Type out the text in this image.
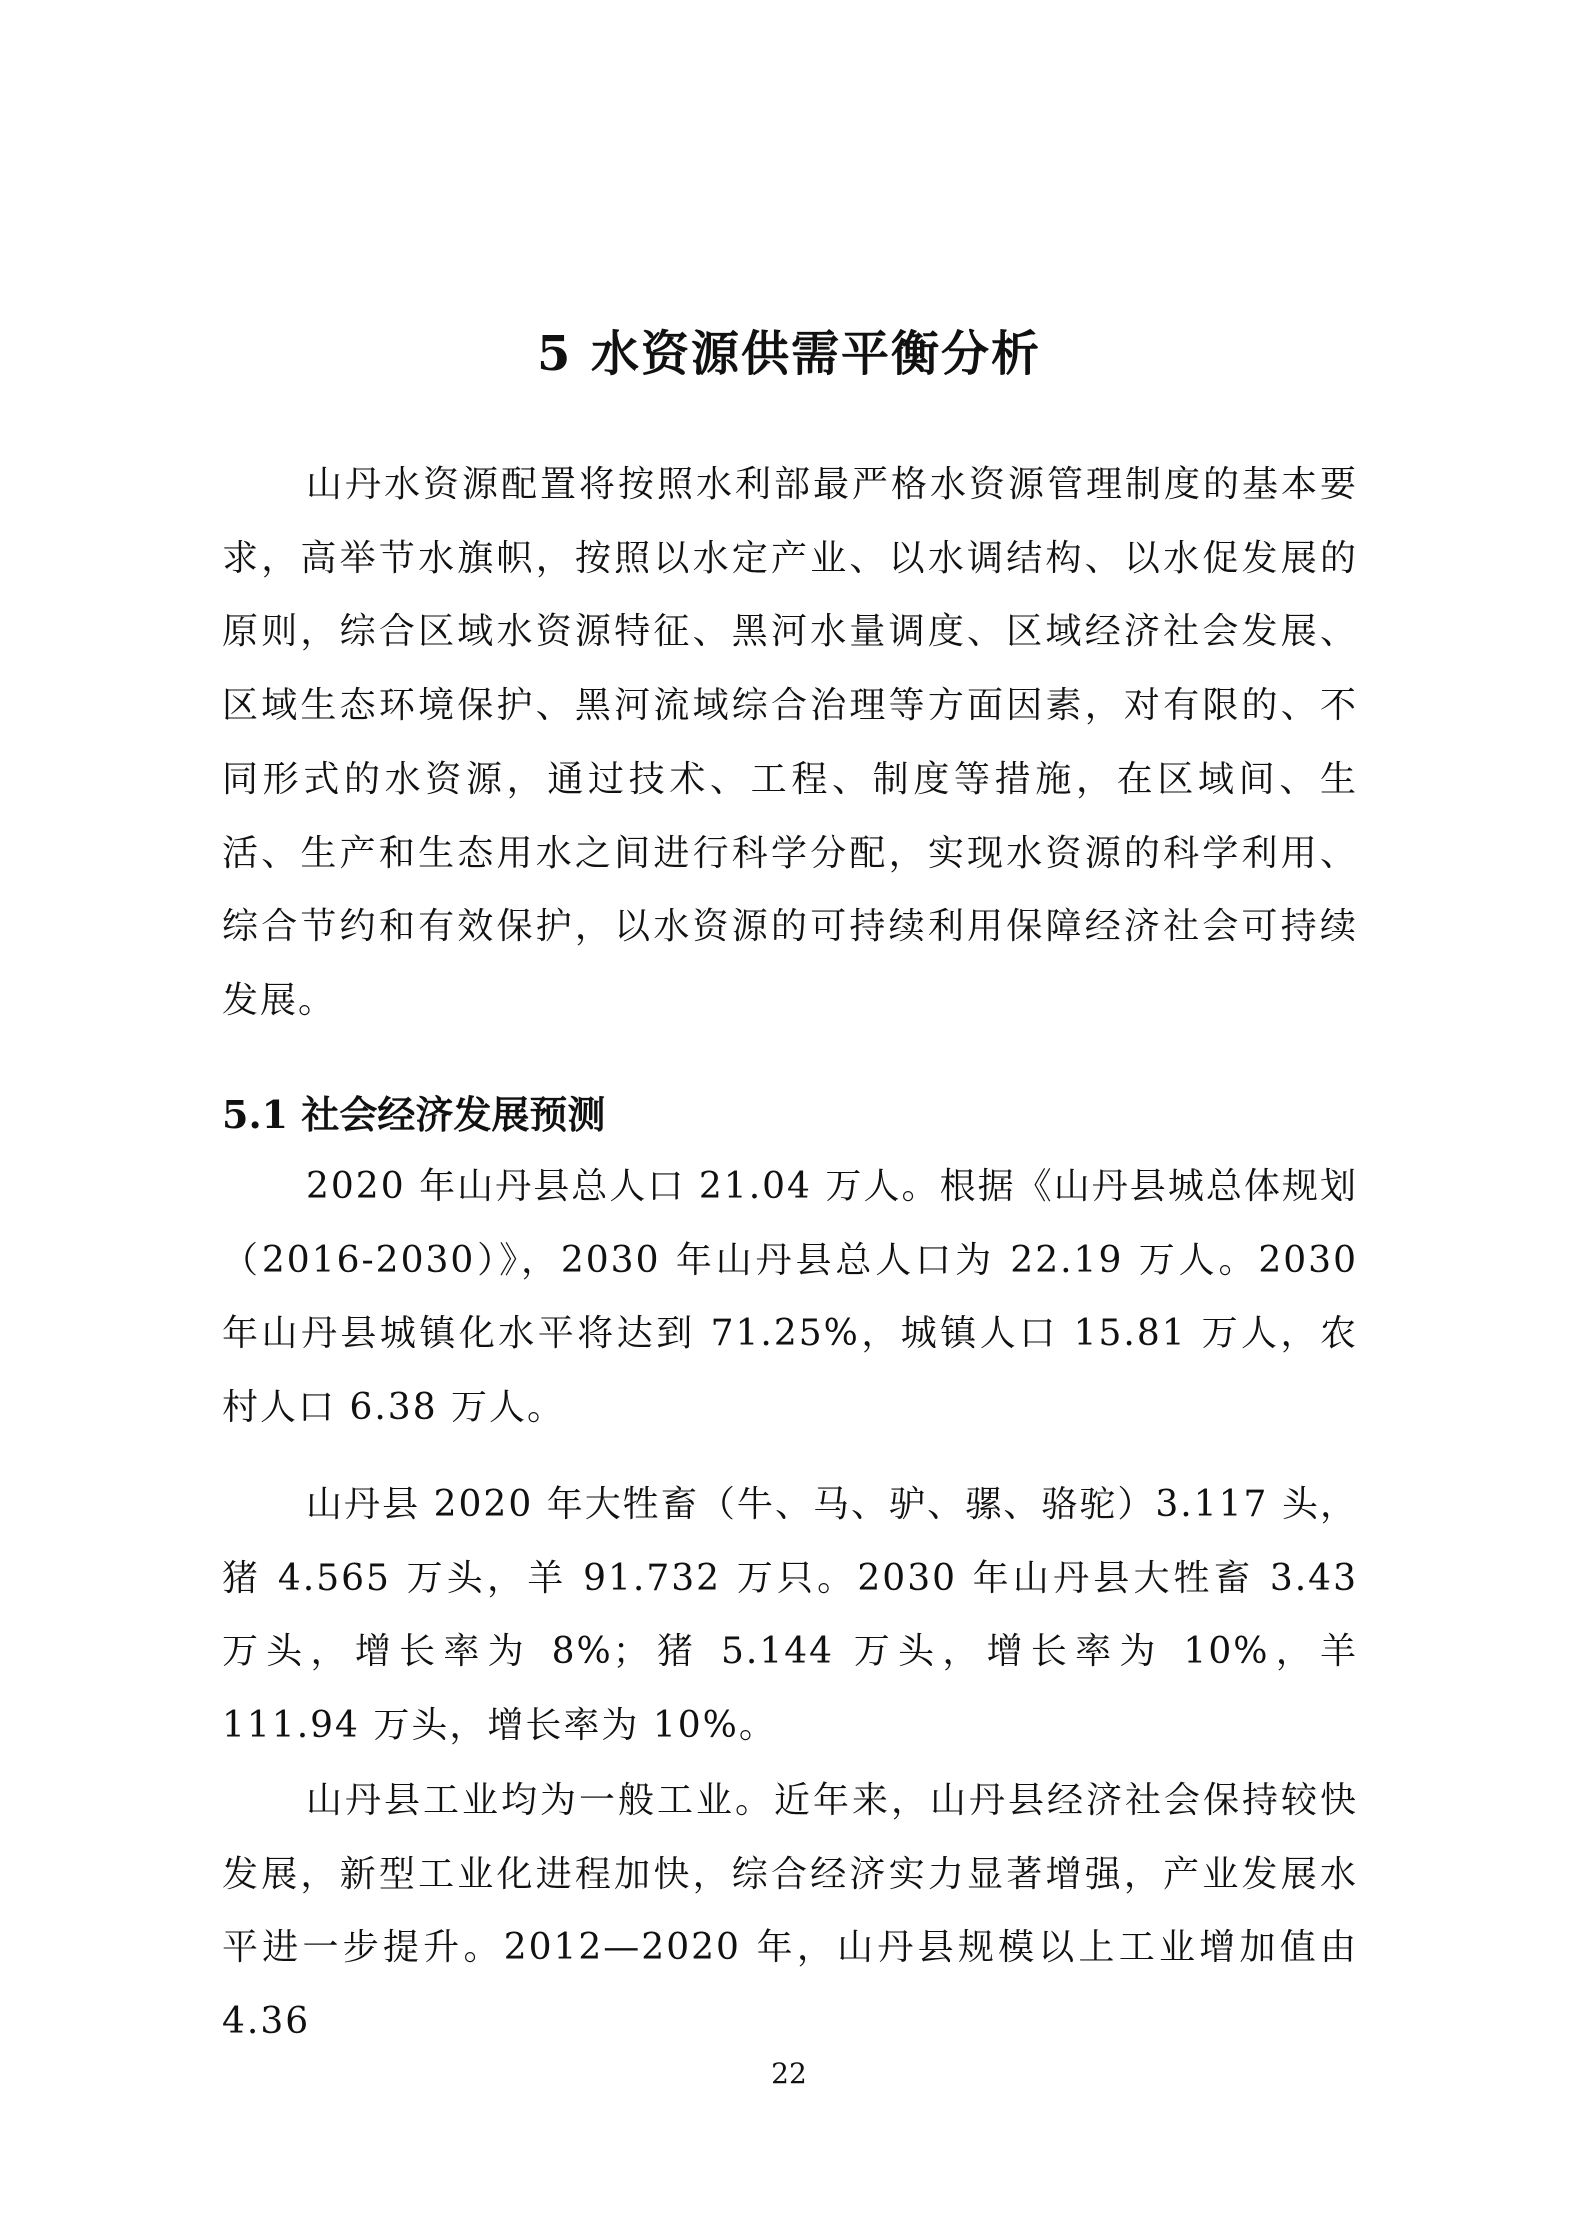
5 水资源供需平衡分析

山丹水资源配置将按照水利部最严格水资源管理制度的基本要求，高举节水旗帜，按照以水定产业、以水调结构、以水促发展的原则，综合区域水资源特征、黑河水量调度、区域经济社会发展、区域生态环境保护、黑河流域综合治理等方面因素，对有限的、不同形式的水资源，通过技术、工程、制度等措施，在区域间、生活、生产和生态用水之间进行科学分配，实现水资源的科学利用、综合节约和有效保护，以水资源的可持续利用保障经济社会可持续发展。

5.1 社会经济发展预测

2020 年山丹县总人口 21.04 万人。根据《山丹县城总体规划（2016-2030）》，2030 年山丹县总人口为 22.19 万人。2030 年山丹县城镇化水平将达到 71.25%，城镇人口 15.81 万人，农村人口 6.38 万人。

山丹县 2020 年大牲畜（牛、马、驴、骡、骆驼）3.117 头，猪 4.565 万头，羊 91.732 万只。2030 年山丹县大牲畜 3.43 万头，增长率为 8%；猪 5.144 万头，增长率为 10%，羊 111.94 万头，增长率为 10%。

山丹县工业均为一般工业。近年来，山丹县经济社会保持较快发展，新型工业化进程加快，综合经济实力显著增强，产业发展水平进一步提升。2012—2020 年，山丹县规模以上工业增加值由 4.36

22
